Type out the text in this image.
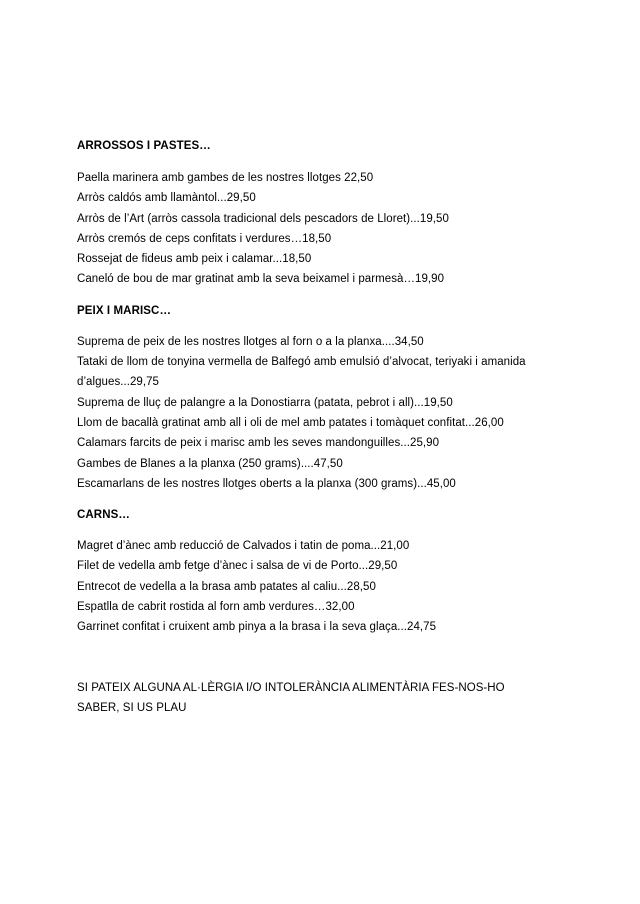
ARROSSOS I PASTES…
Paella marinera amb gambes de les nostres llotges 22,50
Arròs caldós amb llamàntol...29,50
Arròs de l’Art (arròs cassola tradicional dels pescadors de Lloret)...19,50
Arròs cremós de ceps confitats i verdures…18,50
Rossejat de fideus amb peix i calamar...18,50
Caneló de bou de mar gratinat amb la seva beixamel i parmesà…19,90
PEIX I MARISC…
Suprema de peix de les nostres llotges al forn o a la planxa....34,50
Tataki de llom de tonyina vermella de Balfegó amb emulsió d’alvocat, teriyaki i amanida
d’algues...29,75
Suprema de lluç de palangre a la Donostiarra (patata, pebrot i all)...19,50
Llom de bacallà gratinat amb all i oli de mel amb patates i tomàquet confitat...26,00
Calamars farcits de peix i marisc amb les seves mandonguilles...25,90
Gambes de Blanes a la planxa (250 grams)....47,50
Escamarlans de les nostres llotges oberts a la planxa (300 grams)...45,00
CARNS…
Magret d’ànec amb reducció de Calvados i tatin de poma...21,00
Filet de vedella amb fetge d’ànec i salsa de vi de Porto...29,50
Entrecot de vedella a la brasa amb patates al caliu...28,50
Espatlla de cabrit rostida al forn amb verdures…32,00
Garrinet confitat i cruixent amb pinya a la brasa i la seva glaça...24,75
SI PATEIX ALGUNA AL·LÈRGIA I/O INTOLERÀNCIA ALIMENTÀRIA FES-NOS-HO
SABER, SI US PLAU
